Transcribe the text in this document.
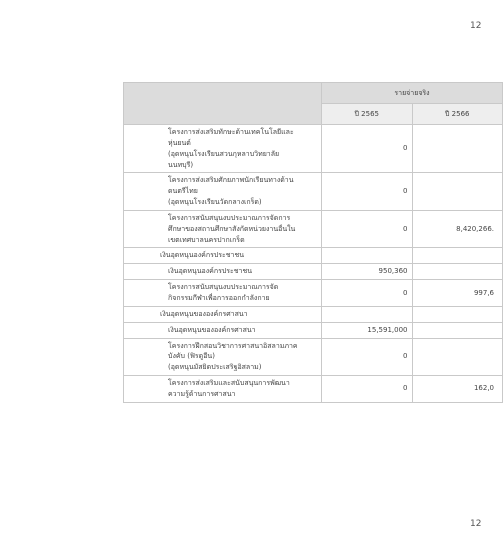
12
	รายจ่ายจริง	
	ปี 2565	ปี 2566

โครงการส่งเสริมทักษะด้านเทคโนโลยีและ
หุ่นยนต์
(อุดหนุนโรงเรียนสวนกุหลาบวิทยาลัย
นนทบุรี)	0	

โครงการส่งเสริมศักยภาพนักเรียนทางด้าน
ดนตรีไทย
(อุดหนุนโรงเรียนวัดกลางเกร็ด)	0	

โครงการสนับสนุนงบประมาณการจัดการ
ศึกษาของสถานศึกษาสังกัดหน่วยงานอื่นใน
เขตเทศบาลนครปากเกร็ด	0	8,420,266.

เงินอุดหนุนองค์กรประชาชน		

เงินอุดหนุนองค์กรประชาชน	950,360	

โครงการสนับสนุนงบประมาณการจัด
กิจกรรมกีฬาเพื่อการออกกำลังกาย	0	997,6

เงินอุดหนุนขององค์กรศาสนา		

เงินอุดหนุนขององค์กรศาสนา	15,591,000	

โครงการฝึกสอนวิชาการศาสนาอิสลามภาค
บังคับ (ฟิรดูอีน)
(อุดหนุนมัสยิดประเสริฐอิสลาม)	0	

โครงการส่งเสริมและสนับสนุนการพัฒนา
ความรู้ด้านการศาสนา	0	162,0
12
